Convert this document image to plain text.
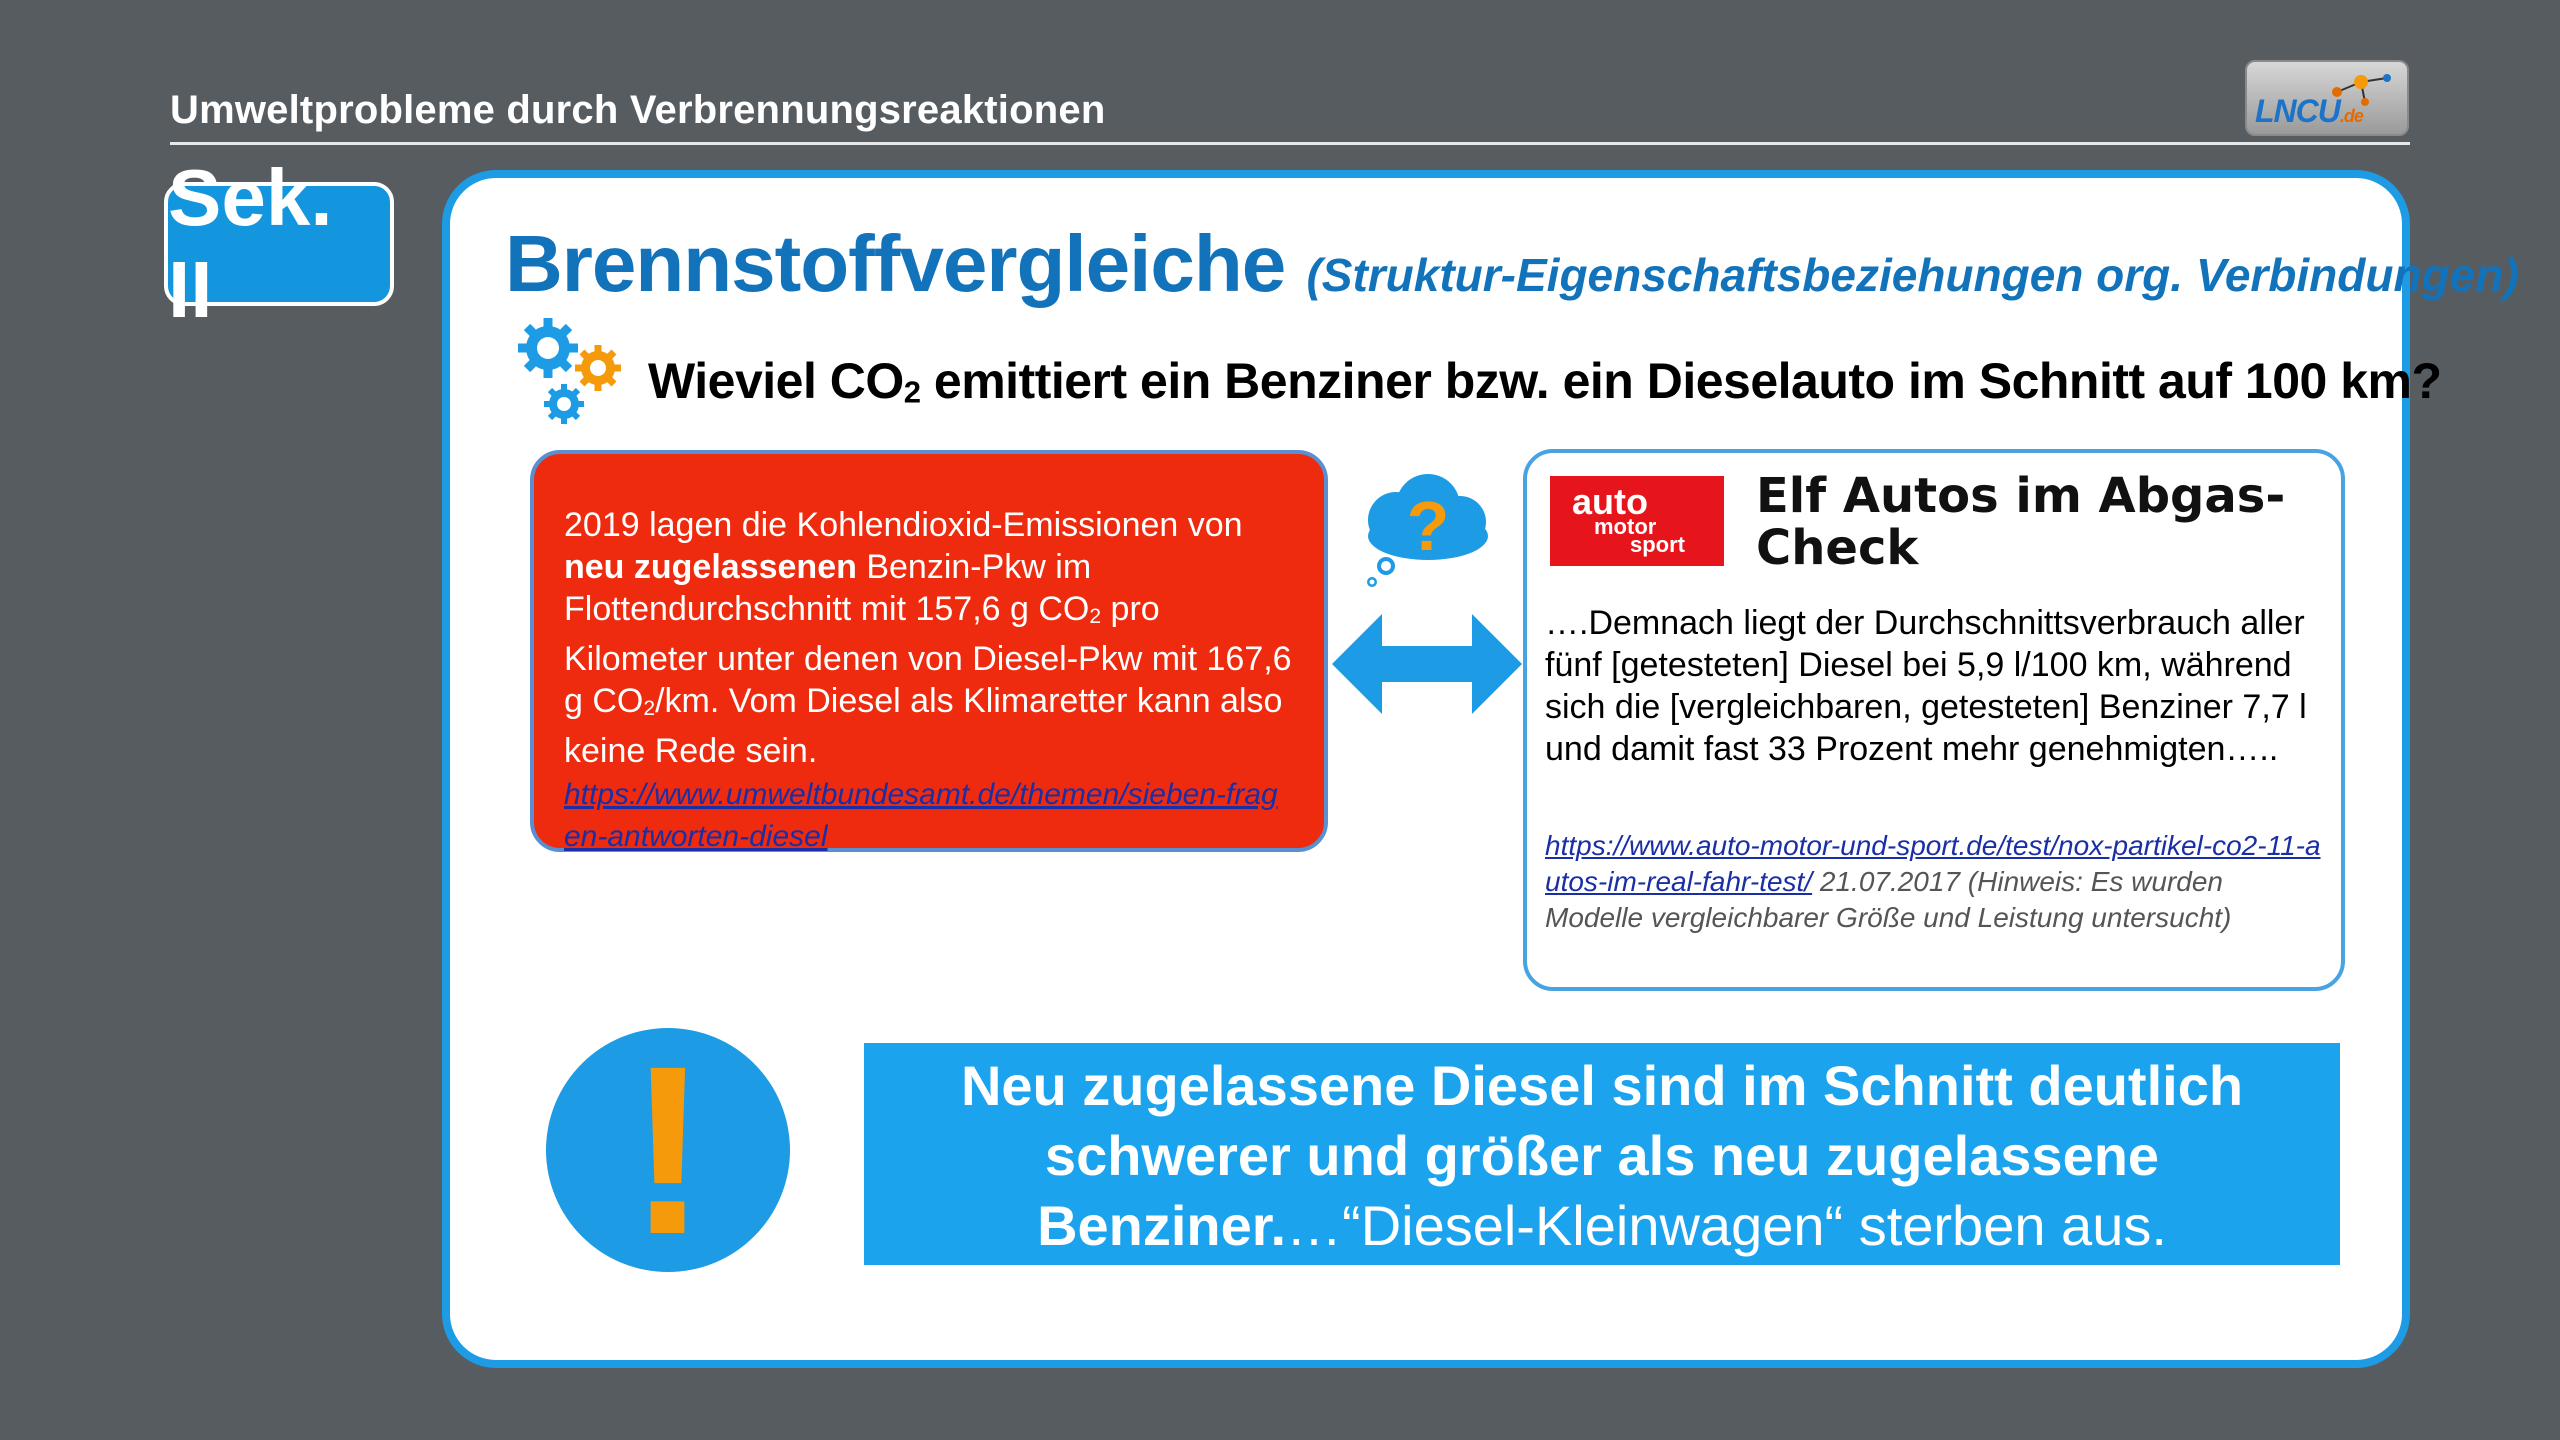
Umweltprobleme durch Verbrennungsreaktionen	LNCU.de
Sek. II	Brennstoffvergleiche (Struktur-Eigenschaftsbeziehungen org. Verbindungen)
Wieviel $CO_2$ emittiert ein Benziner bzw. ein Dieselauto im Schnitt auf 100 km?
2019 lagen die Kohlendioxid-Emissionen von neu zugelassenen Benzin-Pkw im Flottendurchschnitt mit 157,6 g $CO_2$ pro Kilometer unter denen von Diesel-Pkw mit 167,6 g $CO_2/km$. Vom Diesel als Klimaretter kann also keine Rede sein.
https://www.umweltbundesamt.de/themen/sieben-fragen-antworten-diesel
?	auto
motor
sport
Elf Autos im Abgas-Check
….Demnach liegt der Durchschnittsverbrauch aller fünf [getesteten] Diesel bei 5,9 l/100 km, während sich die [vergleichbaren, getesteten] Benziner 7,7 l und damit fast 33 Prozent mehr genehmigten…..
https://www.auto-motor-und-sport.de/test/nox-partikel-co2-11-autos-im-real-fahr-test/ 21.07.2017 (Hinweis: Es wurden Modelle vergleichbarer Größe und Leistung untersucht)
!	Neu zugelassene Diesel sind im Schnitt deutlich schwerer und größer als neu zugelassene Benziner.…“Diesel-Kleinwagen“ sterben aus.
